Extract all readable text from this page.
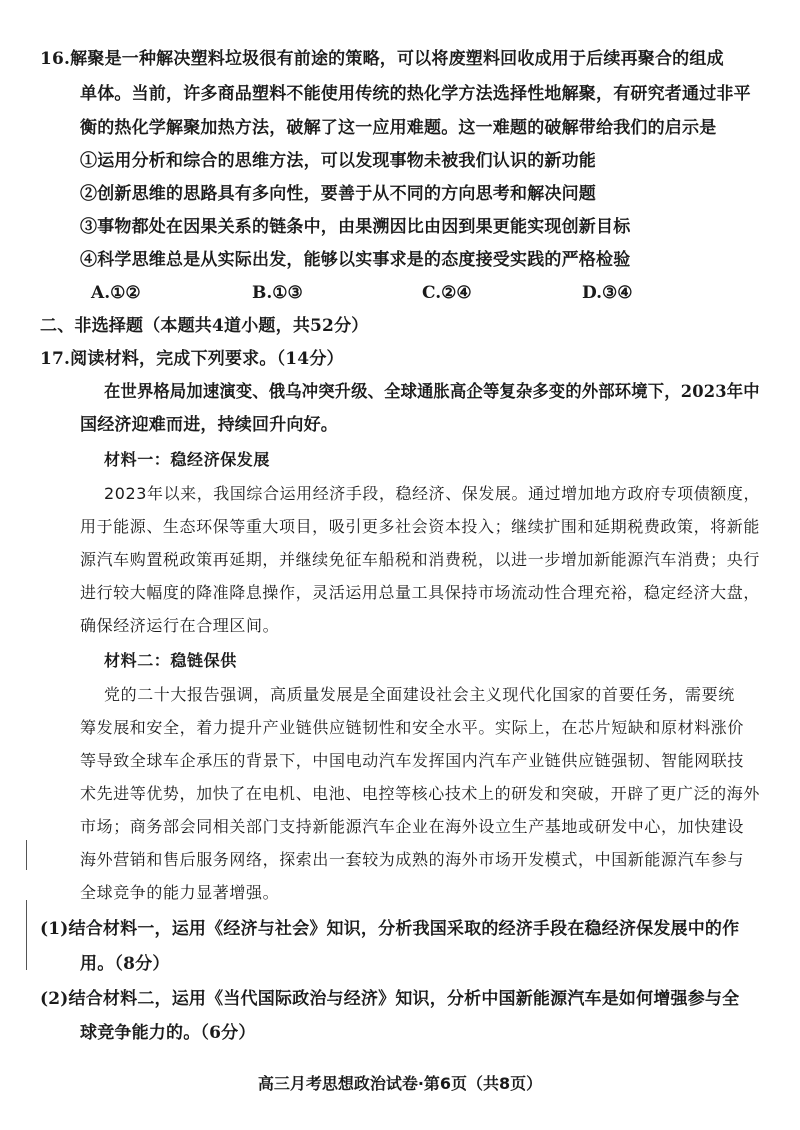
16.解聚是一种解决塑料垃圾很有前途的策略，可以将废塑料回收成用于后续再聚合的组成
单体。当前，许多商品塑料不能使用传统的热化学方法选择性地解聚，有研究者通过非平
衡的热化学解聚加热方法，破解了这一应用难题。这一难题的破解带给我们的启示是
①运用分析和综合的思维方法，可以发现事物未被我们认识的新功能
②创新思维的思路具有多向性，要善于从不同的方向思考和解决问题
③事物都处在因果关系的链条中，由果溯因比由因到果更能实现创新目标
④科学思维总是从实际出发，能够以实事求是的态度接受实践的严格检验
A.①②	B.①③	C.②④	D.③④
二、非选择题（本题共4道小题，共52分）
17.阅读材料，完成下列要求。（14分）
在世界格局加速演变、俄乌冲突升级、全球通胀高企等复杂多变的外部环境下，2023年中
国经济迎难而进，持续回升向好。
材料一：稳经济保发展
2023年以来，我国综合运用经济手段，稳经济、保发展。通过增加地方政府专项债额度，
用于能源、生态环保等重大项目，吸引更多社会资本投入；继续扩围和延期税费政策，将新能
源汽车购置税政策再延期，并继续免征车船税和消费税，以进一步增加新能源汽车消费；央行
进行较大幅度的降准降息操作，灵活运用总量工具保持市场流动性合理充裕，稳定经济大盘，
确保经济运行在合理区间。
材料二：稳链保供
党的二十大报告强调，高质量发展是全面建设社会主义现代化国家的首要任务，需要统
筹发展和安全，着力提升产业链供应链韧性和安全水平。实际上，在芯片短缺和原材料涨价
等导致全球车企承压的背景下，中国电动汽车发挥国内汽车产业链供应链强韧、智能网联技
术先进等优势，加快了在电机、电池、电控等核心技术上的研发和突破，开辟了更广泛的海外
市场；商务部会同相关部门支持新能源汽车企业在海外设立生产基地或研发中心，加快建设
海外营销和售后服务网络，探索出一套较为成熟的海外市场开发模式，中国新能源汽车参与
全球竞争的能力显著增强。
(1)结合材料一，运用《经济与社会》知识，分析我国采取的经济手段在稳经济保发展中的作
用。（8分）
(2)结合材料二，运用《当代国际政治与经济》知识，分析中国新能源汽车是如何增强参与全
球竞争能力的。（6分）
高三月考思想政治试卷·第6页（共8页）
